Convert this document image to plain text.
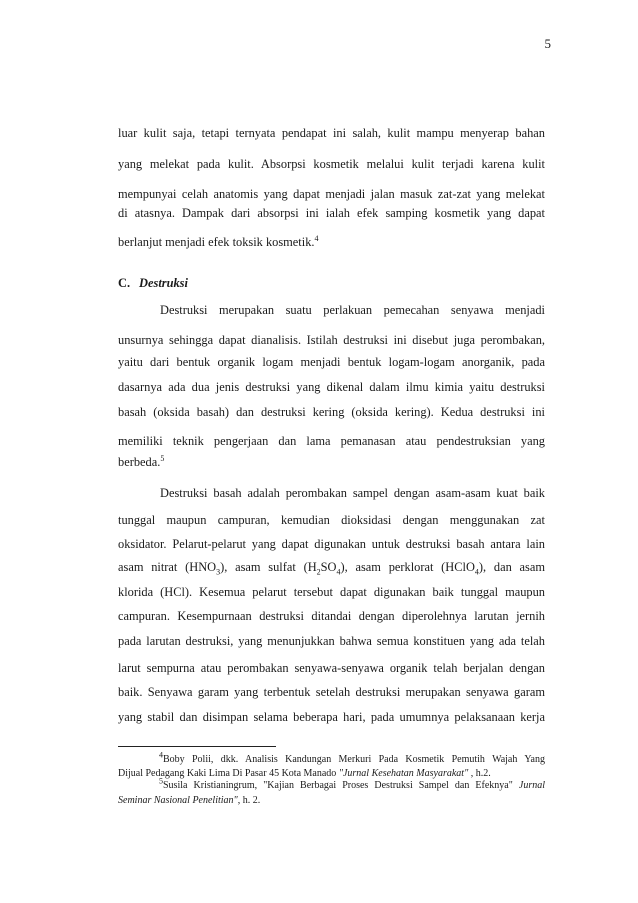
5
luar kulit saja, tetapi ternyata pendapat ini salah, kulit mampu menyerap bahan
yang melekat pada kulit. Absorpsi kosmetik melalui kulit terjadi karena kulit
mempunyai celah anatomis yang dapat menjadi jalan masuk zat-zat yang melekat
di atasnya. Dampak dari absorpsi ini ialah efek samping kosmetik yang dapat
berlanjut menjadi efek toksik kosmetik.$^4$
C. Destruksi
Destruksi merupakan suatu perlakuan pemecahan senyawa menjadi
unsurnya sehingga dapat dianalisis. Istilah destruksi ini disebut juga perombakan,
yaitu dari bentuk organik logam menjadi bentuk logam-logam anorganik, pada
dasarnya ada dua jenis destruksi yang dikenal dalam ilmu kimia yaitu destruksi
basah (oksida basah) dan destruksi kering (oksida kering). Kedua destruksi ini
memiliki teknik pengerjaan dan lama pemanasan atau pendestruksian yang
berbeda.$^5$
Destruksi basah adalah perombakan sampel dengan asam-asam kuat baik
tunggal maupun campuran, kemudian dioksidasi dengan menggunakan zat
oksidator. Pelarut-pelarut yang dapat digunakan untuk destruksi basah antara lain
asam nitrat $(HNO_3)$, asam sulfat $(H_2SO_4)$, asam perklorat (HClO$_4$), dan asam
klorida (HCl). Kesemua pelarut tersebut dapat digunakan baik tunggal maupun
campuran. Kesempurnaan destruksi ditandai dengan diperolehnya larutan jernih
pada larutan destruksi, yang menunjukkan bahwa semua konstituen yang ada telah
larut sempurna atau perombakan senyawa-senyawa organik telah berjalan dengan
baik. Senyawa garam yang terbentuk setelah destruksi merupakan senyawa garam
yang stabil dan disimpan selama beberapa hari, pada umumnya pelaksanaan kerja
$^4$Boby Polii, dkk. Analisis Kandungan Merkuri Pada Kosmetik Pemutih Wajah Yang
Dijual Pedagang Kaki Lima Di Pasar 45 Kota Manado "Jurnal Kesehatan Masyarakat" , h.2.
$^5$Susila Kristianingrum, "Kajian Berbagai Proses Destruksi Sampel dan Efeknya" Jurnal
Seminar Nasional Penelitian", h. 2.
